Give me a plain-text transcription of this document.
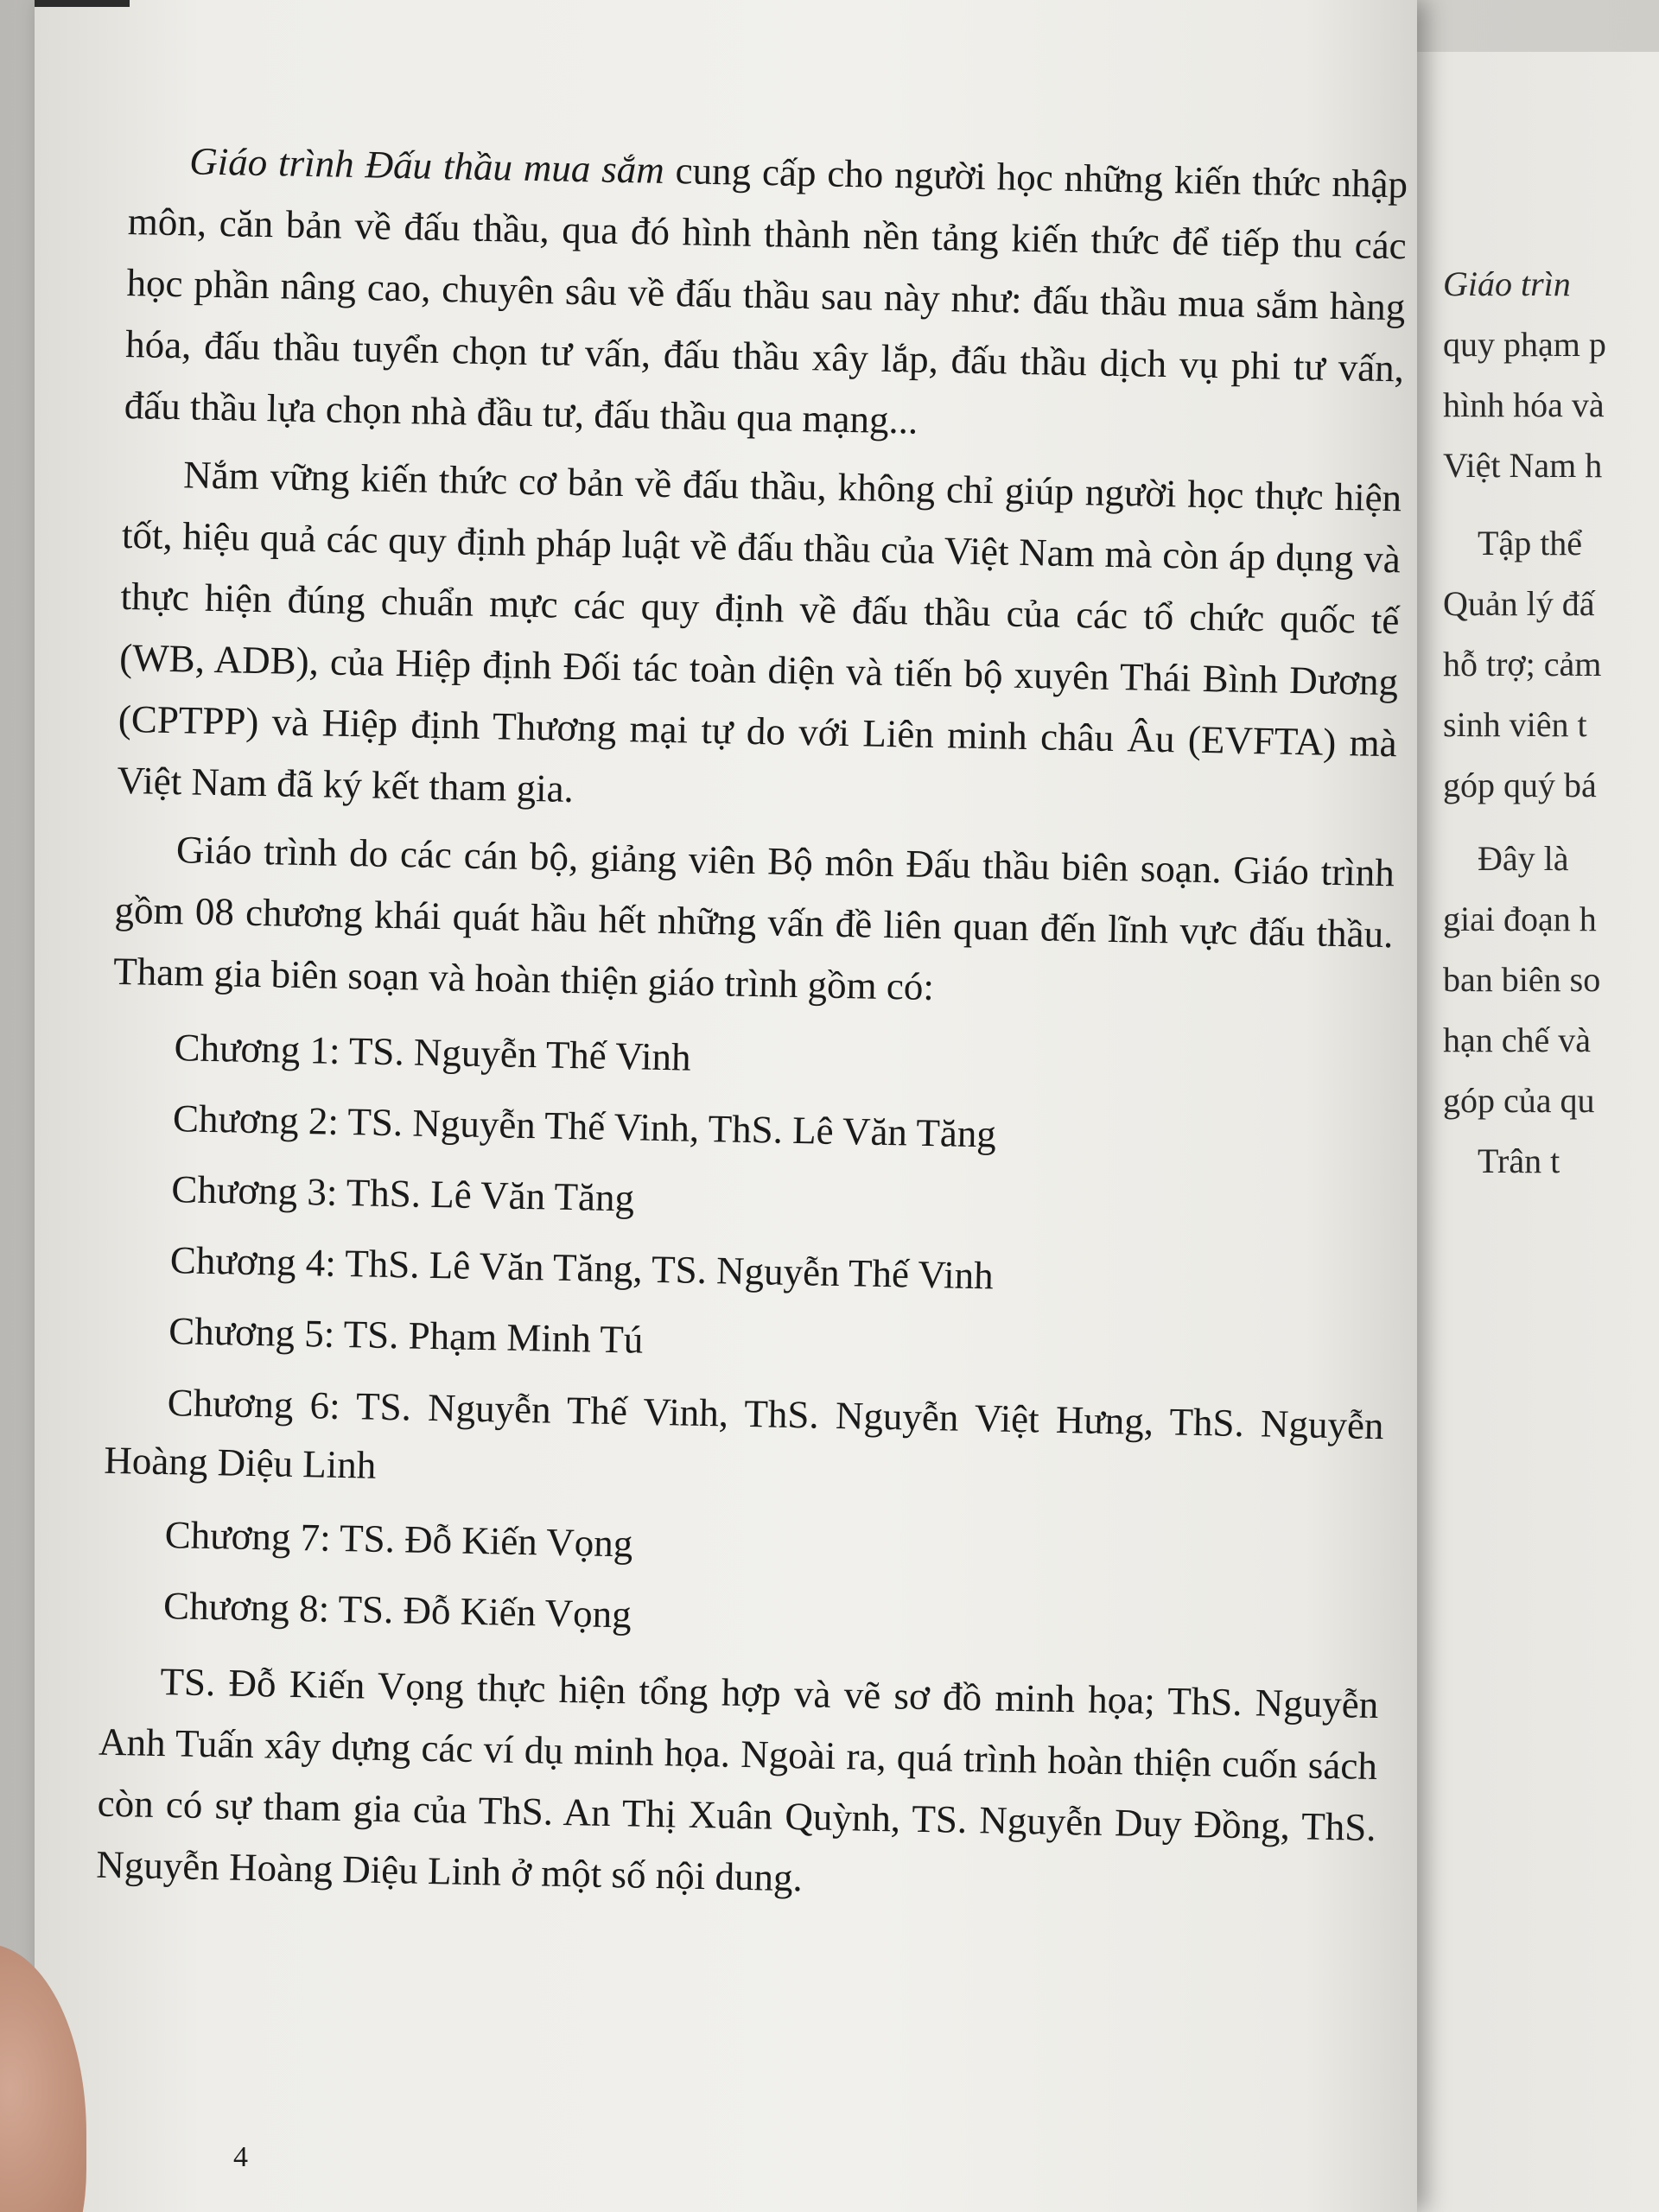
Giáo trìn
quy phạm p
hình hóa và
Việt Nam h
Tập thể
Quản lý đấ
hỗ trợ; cảm
sinh viên t
góp quý bá
Đây là
giai đoạn h
ban biên so
hạn chế và
góp của qu
Trân t

Giáo trình Đấu thầu mua sắm cung cấp cho người học những kiến thức nhập môn, căn bản về đấu thầu, qua đó hình thành nền tảng kiến thức để tiếp thu các học phần nâng cao, chuyên sâu về đấu thầu sau này như: đấu thầu mua sắm hàng hóa, đấu thầu tuyển chọn tư vấn, đấu thầu xây lắp, đấu thầu dịch vụ phi tư vấn, đấu thầu lựa chọn nhà đầu tư, đấu thầu qua mạng...

Nắm vững kiến thức cơ bản về đấu thầu, không chỉ giúp người học thực hiện tốt, hiệu quả các quy định pháp luật về đấu thầu của Việt Nam mà còn áp dụng và thực hiện đúng chuẩn mực các quy định về đấu thầu của các tổ chức quốc tế (WB, ADB), của Hiệp định Đối tác toàn diện và tiến bộ xuyên Thái Bình Dương (CPTPP) và Hiệp định Thương mại tự do với Liên minh châu Âu (EVFTA) mà Việt Nam đã ký kết tham gia.

Giáo trình do các cán bộ, giảng viên Bộ môn Đấu thầu biên soạn. Giáo trình gồm 08 chương khái quát hầu hết những vấn đề liên quan đến lĩnh vực đấu thầu. Tham gia biên soạn và hoàn thiện giáo trình gồm có:

Chương 1: TS. Nguyễn Thế Vinh
Chương 2: TS. Nguyễn Thế Vinh, ThS. Lê Văn Tăng
Chương 3: ThS. Lê Văn Tăng
Chương 4: ThS. Lê Văn Tăng, TS. Nguyễn Thế Vinh
Chương 5: TS. Phạm Minh Tú
Chương 6: TS. Nguyễn Thế Vinh, ThS. Nguyễn Việt Hưng, ThS. Nguyễn Hoàng Diệu Linh
Chương 7: TS. Đỗ Kiến Vọng
Chương 8: TS. Đỗ Kiến Vọng

TS. Đỗ Kiến Vọng thực hiện tổng hợp và vẽ sơ đồ minh họa; ThS. Nguyễn Anh Tuấn xây dựng các ví dụ minh họa. Ngoài ra, quá trình hoàn thiện cuốn sách còn có sự tham gia của ThS. An Thị Xuân Quỳnh, TS. Nguyễn Duy Đồng, ThS. Nguyễn Hoàng Diệu Linh ở một số nội dung.

4
